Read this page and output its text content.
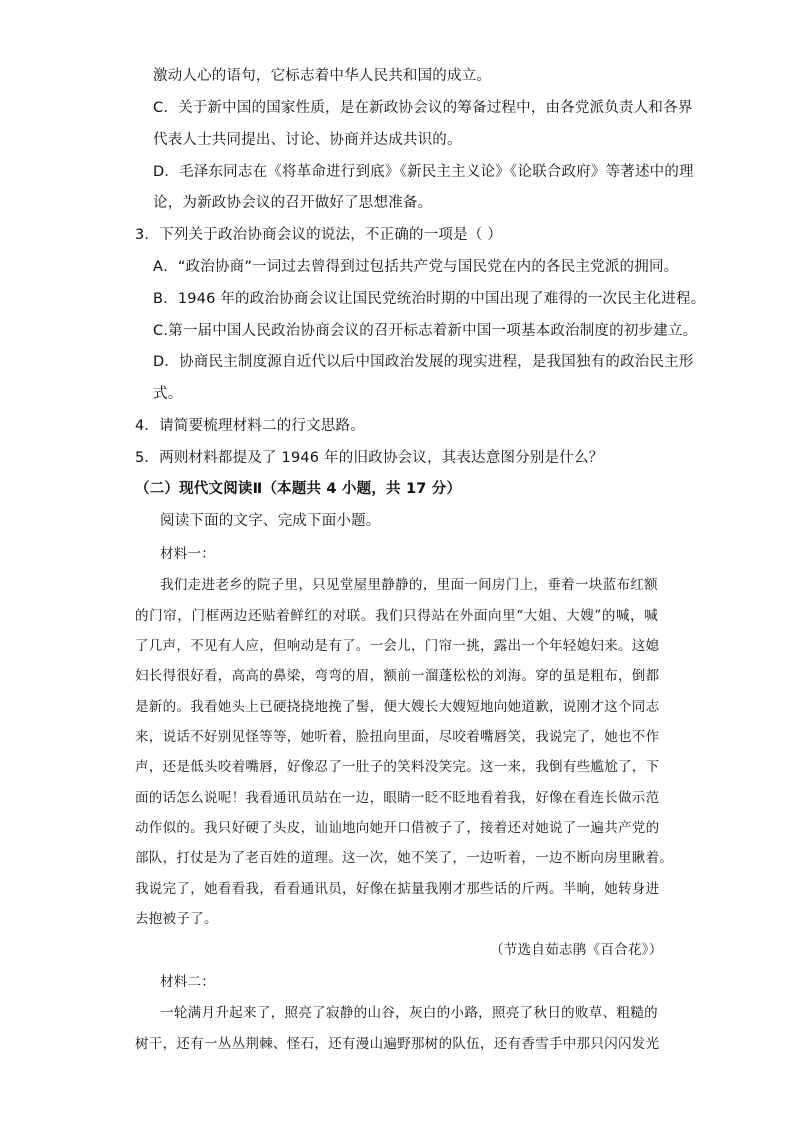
激动人心的语句，它标志着中华人民共和国的成立。
C．关于新中国的国家性质，是在新政协会议的筹备过程中，由各党派负责人和各界
代表人士共同提出、讨论、协商并达成共识的。
D．毛泽东同志在《将革命进行到底》《新民主主义论》《论联合政府》等著述中的理
论，为新政协会议的召开做好了思想准备。
3．下列关于政治协商会议的说法，不正确的一项是（ ）
A．“政治协商”一词过去曾得到过包括共产党与国民党在内的各民主党派的拥同。
B．1946 年的政治协商会议让国民党统治时期的中国出现了难得的一次民主化进程。
C.第一届中国人民政治协商会议的召开标志着新中国一项基本政治制度的初步建立。
D．协商民主制度源自近代以后中国政治发展的现实进程，是我国独有的政治民主形
式。
4．请简要梳理材料二的行文思路。
5．两则材料都提及了 1946 年的旧政协会议，其表达意图分别是什么？
（二）现代文阅读Ⅱ（本题共 4 小题，共 17 分）
阅读下面的文字、完成下面小题。
材料一：
我们走进老乡的院子里，只见堂屋里静静的，里面一间房门上，垂着一块蓝布红额
的门帘，门框两边还贴着鲜红的对联。我们只得站在外面向里“大姐、大嫂”的喊，喊
了几声，不见有人应，但响动是有了。一会儿，门帘一挑，露出一个年轻媳妇来。这媳
妇长得很好看，高高的鼻梁，弯弯的眉，额前一溜蓬松松的刘海。穿的虽是粗布，倒都
是新的。我看她头上已硬挠挠地挽了髻，便大嫂长大嫂短地向她道歉，说刚才这个同志
来，说话不好别见怪等等，她听着，脸扭向里面，尽咬着嘴唇笑，我说完了，她也不作
声，还是低头咬着嘴唇，好像忍了一肚子的笑料没笑完。这一来，我倒有些尴尬了，下
面的话怎么说呢！我看通讯员站在一边，眼睛一眨不眨地看着我，好像在看连长做示范
动作似的。我只好硬了头皮，讪讪地向她开口借被子了，接着还对她说了一遍共产党的
部队，打仗是为了老百姓的道理。这一次，她不笑了，一边听着，一边不断向房里瞅着。
我说完了，她看看我，看看通讯员，好像在掂量我刚才那些话的斤两。半晌，她转身进
去抱被子了。
（节选自茹志鹃《百合花》）
材料二：
一轮满月升起来了，照亮了寂静的山谷，灰白的小路，照亮了秋日的败草、粗糙的
树干，还有一丛丛荆棘、怪石，还有漫山遍野那树的队伍，还有香雪手中那只闪闪发光
